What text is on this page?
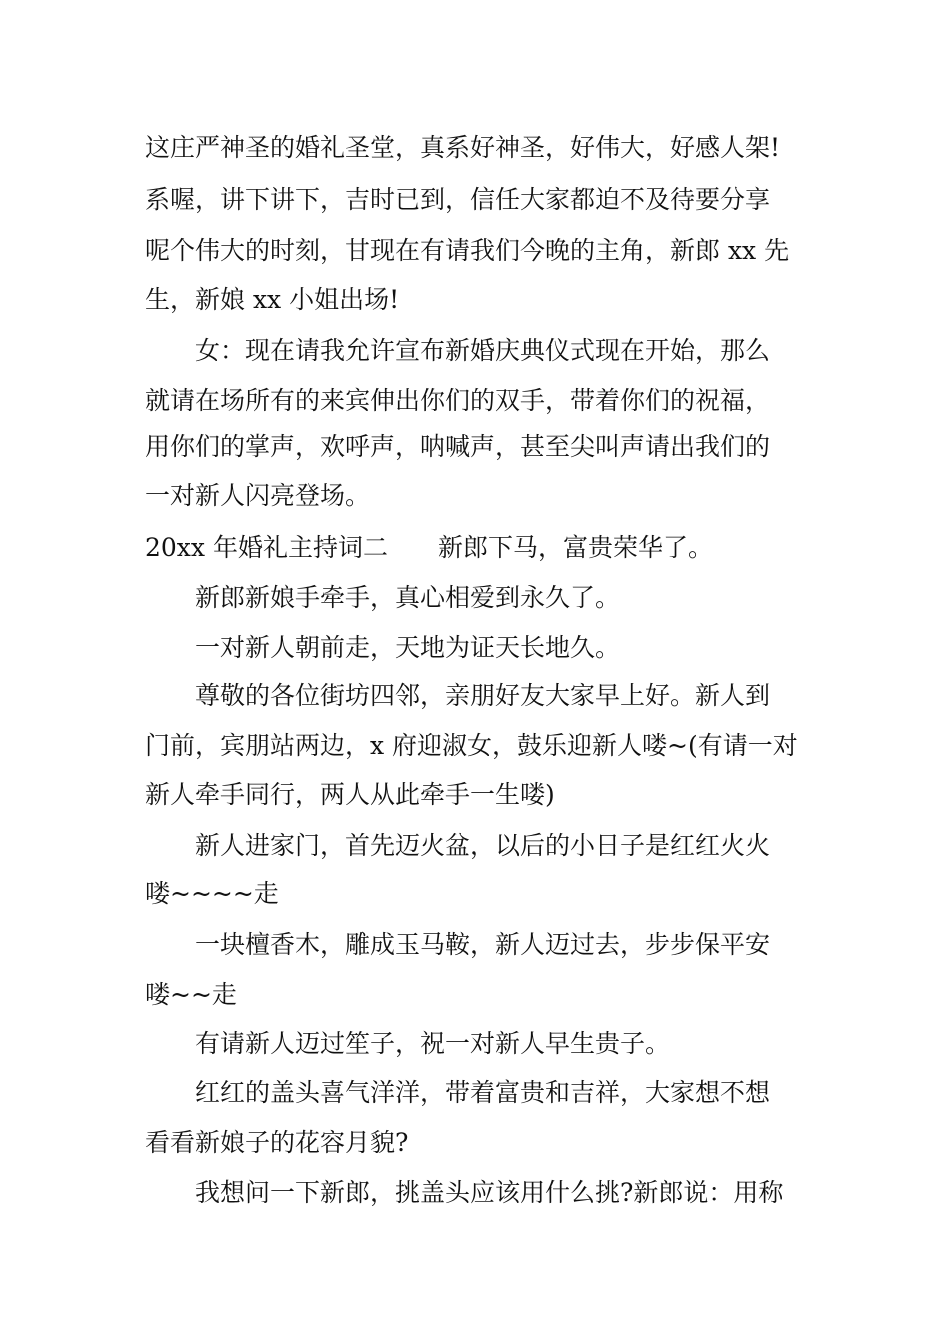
这庄严神圣的婚礼圣堂，真系好神圣，好伟大，好感人架!
系喔，讲下讲下，吉时已到，信任大家都迫不及待要分享
呢个伟大的时刻，甘现在有请我们今晚的主角，新郎 xx 先
生，新娘 xx 小姐出场!
女：现在请我允许宣布新婚庆典仪式现在开始，那么
就请在场所有的来宾伸出你们的双手，带着你们的祝福，
用你们的掌声，欢呼声，呐喊声，甚至尖叫声请出我们的
一对新人闪亮登场。
20xx 年婚礼主持词二　　新郎下马，富贵荣华了。
新郎新娘手牵手，真心相爱到永久了。
一对新人朝前走，天地为证天长地久。
尊敬的各位街坊四邻，亲朋好友大家早上好。新人到
门前，宾朋站两边，x 府迎淑女，鼓乐迎新人喽~(有请一对
新人牵手同行，两人从此牵手一生喽)
新人进家门，首先迈火盆，以后的小日子是红红火火
喽~~~~走
一块檀香木，雕成玉马鞍，新人迈过去，步步保平安
喽~~走
有请新人迈过笙子，祝一对新人早生贵子。
红红的盖头喜气洋洋，带着富贵和吉祥，大家想不想
看看新娘子的花容月貌?
我想问一下新郎，挑盖头应该用什么挑?新郎说：用称
